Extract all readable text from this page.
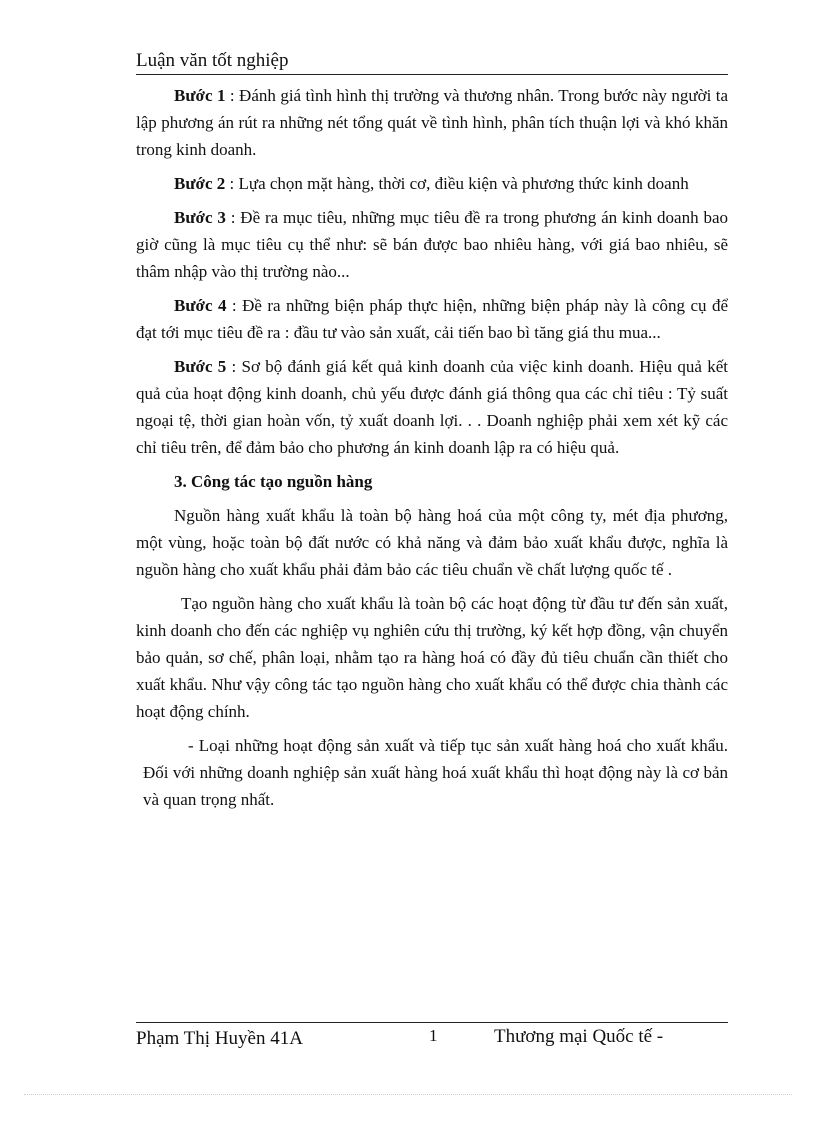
Luận văn tốt nghiệp

Bước 1 : Đánh giá tình hình thị trường và thương nhân. Trong bước này người ta lập phương án rút ra những nét tổng quát về tình hình, phân tích thuận lợi và khó khăn trong kinh doanh.

Bước 2 : Lựa chọn mặt hàng, thời cơ, điều kiện và phương thức kinh doanh

Bước 3 : Đề ra mục tiêu, những mục tiêu đề ra trong phương án kinh doanh bao giờ cũng là mục tiêu cụ thể như: sẽ bán được bao nhiêu hàng, với giá bao nhiêu, sẽ thâm nhập vào thị trường nào...

Bước 4 : Đề ra những biện pháp thực hiện, những biện pháp này là công cụ để đạt tới mục tiêu đề ra : đầu tư vào sản xuất, cải tiến bao bì tăng giá thu mua...

Bước 5 : Sơ bộ đánh giá kết quả kinh doanh của việc kinh doanh. Hiệu quả kết quả của hoạt động kinh doanh, chủ yếu được đánh giá thông qua các chỉ tiêu : Tỷ suất ngoại tệ, thời gian hoàn vốn, tỷ xuất doanh lợi. . . Doanh nghiệp phải xem xét kỹ các chỉ tiêu trên, để đảm bảo cho phương án kinh doanh lập ra có hiệu quả.

3. Công tác tạo nguồn hàng

Nguồn hàng xuất khẩu là toàn bộ hàng hoá của một công ty, mét địa phương, một vùng, hoặc toàn bộ đất nước có khả năng và đảm bảo xuất khẩu được, nghĩa là nguồn hàng cho xuất khẩu phải đảm bảo các tiêu chuẩn về chất lượng quốc tế .

Tạo nguồn hàng cho xuất khẩu là toàn bộ các hoạt động từ đầu tư đến sản xuất, kinh doanh cho đến các nghiệp vụ nghiên cứu thị trường, ký kết hợp đồng, vận chuyển bảo quản, sơ chế, phân loại, nhằm tạo ra hàng hoá có đầy đủ tiêu chuẩn cần thiết cho xuất khẩu. Như vậy công tác tạo nguồn hàng cho xuất khẩu có thể được chia thành các hoạt động chính.

- Loại những hoạt động sản xuất và tiếp tục sản xuất hàng hoá cho xuất khẩu. Đối với những doanh nghiệp sản xuất hàng hoá xuất khẩu thì hoạt động này là cơ bản và quan trọng nhất.

Phạm Thị Huyền 41A	1	Thương mại Quốc tế -
